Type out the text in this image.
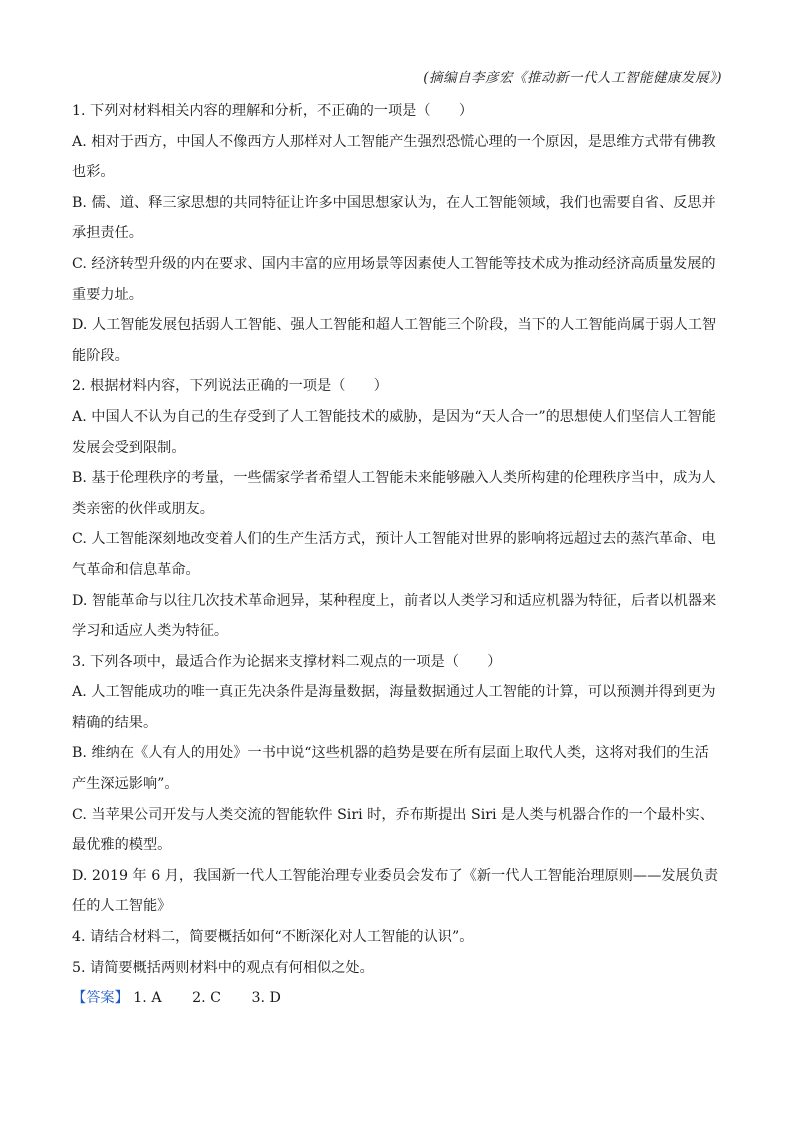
(摘编自李彦宏《推动新一代人工智能健康发展》)

1. 下列对材料相关内容的理解和分析，不正确的一项是（　　）

A. 相对于西方，中国人不像西方人那样对人工智能产生强烈恐慌心理的一个原因，是思维方式带有佛教也彩。

B. 儒、道、释三家思想的共同特征让许多中国思想家认为，在人工智能领域，我们也需要自省、反思并承担责任。

C. 经济转型升级的内在要求、国内丰富的应用场景等因素使人工智能等技术成为推动经济高质量发展的重要力址。

D. 人工智能发展包括弱人工智能、强人工智能和超人工智能三个阶段，当下的人工智能尚属于弱人工智能阶段。

2. 根据材料内容，下列说法正确的一项是（　　）

A. 中国人不认为自己的生存受到了人工智能技术的威胁，是因为“天人合一”的思想使人们坚信人工智能发展会受到限制。

B. 基于伦理秩序的考量，一些儒家学者希望人工智能未来能够融入人类所构建的伦理秩序当中，成为人类亲密的伙伴或朋友。

C. 人工智能深刻地改变着人们的生产生活方式，预计人工智能对世界的影响将远超过去的蒸汽革命、电气革命和信息革命。

D. 智能革命与以往几次技术革命迥异，某种程度上，前者以人类学习和适应机器为特征，后者以机器来学习和适应人类为特征。

3. 下列各项中，最适合作为论据来支撑材料二观点的一项是（　　）

A. 人工智能成功的唯一真正先决条件是海量数据，海量数据通过人工智能的计算，可以预测并得到更为精确的结果。

B. 维纳在《人有人的用处》一书中说“这些机器的趋势是要在所有层面上取代人类，这将对我们的生活产生深远影响”。

C. 当苹果公司开发与人类交流的智能软件 Siri 时，乔布斯提出 Siri 是人类与机器合作的一个最朴实、最优雅的模型。

D. 2019 年 6 月，我国新一代人工智能治理专业委员会发布了《新一代人工智能治理原则——发展负责任的人工智能》

4. 请结合材料二，简要概括如何“不断深化对人工智能的认识”。

5. 请简要概括两则材料中的观点有何相似之处。

【答案】 1. A 2. C 3. D
